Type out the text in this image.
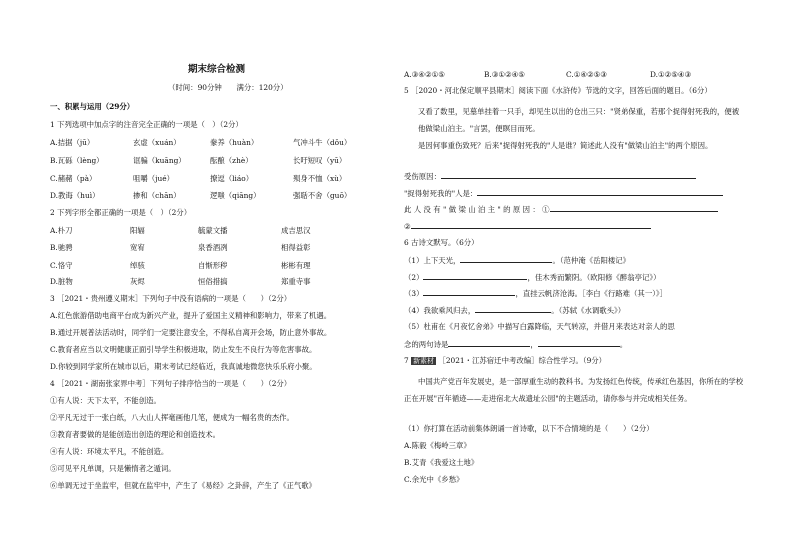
期末综合检测
（时间：90分钟　　满分：120分）
一、积累与运用（29分）
1 下列选项中加点字的注音完全正确的一项是（　）（2分）
A.拮据（jū）	玄虚（xuán）	豢养（huàn）	气冲斗牛（dǒu）
B.瓦砾（lèng）	诓骗（kuāng）	酝酿（zhè）	长吁短叹（yū）
C.赭赭（pà）	咀嚼（jué）	撩逗（liáo）	殒身不恤（xù）
D.教诲（huì）	掺和（chān）	逻嗤（qiāng）	强聒不舍（guō）
2 下列字形全都正确的一项是（　）（2分）
A.朴刀	阳辐	毓蒙文播	成吉思汉
B.驰骋	宽宥	泉香酒冽	相得益彰
C.恪守	绰骇	自惭形秽	彬彬有理
D.脏物	灰烬	恒俗措搞	郑重寺事
3 ［2021・贵州遵义期末］下列句子中没有语病的一项是（　　）（2分）
A.红色旅游借助电商平台成为新兴产业，提升了爱国主义精神和影响力，带来了机遇。
B.通过开展普法活动时，同学们一定要注意安全，不得私自离开会场，防止意外事故。
C.教育者应当以文明健康正面引导学生积极进取，防止发生不良行为等危害事故。
D.你较到同学家所在城市以后，期末考试已经临近，我真诚地微您快乐乐府小聚。
4 ［2021・湖南张家界中考］下列句子排序恰当的一项是（　　）（2分）
①有人说：天下太平，不能创造。
②平凡无过于一张白纸，八大山人挥毫画他几笔，便成为一幅名贵的杰作。
③教育者要做的是能创造出创造的理论和创造技术。
④有人说：环境太平凡，不能创造。
⑤可见平凡单调，只是懒惰者之遁词。
⑥单调无过于坐监牢，但就在监牢中，产生了《易经》之卦辞，产生了《正气歌》
A.③④②①⑤	B.③①②④⑤	C.①④②⑤③	D.①②⑤④③
5 ［2020・河北保定顺平县期末］阅读下面《水浒传》节选的文字，回答后面的题目。（6分）
又看了数里，见墓单挂着一只手，却见生以出的仓出三只："贤弟保重，若那个捉得射死我的，便被他做梁山泊主。"言罢，便瞑目而死。
是因何事重伤致死？后来"捉得射死我的"人是谁？简述此人没有"做梁山泊主"的两个原因。
受伤原因：
"捉得射死我的"人是：
此 人 没 有 " 做 梁 山 泊 主 " 的 原 因 ： ①
②
6 古诗文默写。（6分）
（1）上下天光，	。（范仲淹《岳阳楼记》
（2）	，佳木秀而繁阴。（欧阳修《醉翁亭记》）
（3）	，直挂云帆济沧海。［李白《行路难（其一）》］
（4）我欲乘风归去，	。（苏轼《水调歌头》）
（5）杜甫在《月夜忆舍弟》中描写白露降临，天气转凉，并借月来表达对亲人的思
念的两句诗是	，	。
7 新素材 ［2021・江苏宿迁中考改编］综合性学习。（9分）
中国共产党百年发展史，是一部厚重生动的教科书。为发扬红色传统，传承红色基因，你所在的学校正在开展"百年循迹——走进宿北大战遗址公园"的主题活动，请你参与并完成相关任务。
（1）你打算在活动前集体朗诵一首诗歌，以下不合情境的是（　　）（2分）
A.陈毅《梅岭三章》
B.艾青《我爱这土地》
C.余光中《乡愁》
